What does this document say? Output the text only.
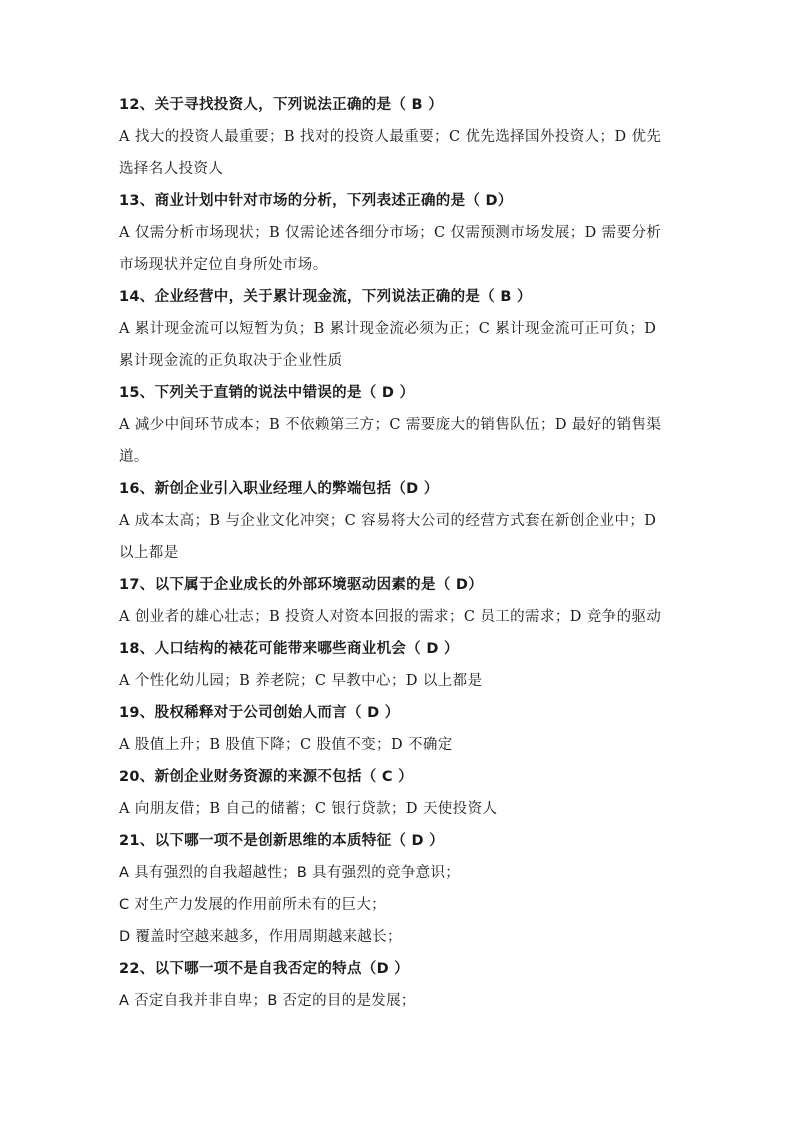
12、关于寻找投资人，下列说法正确的是（ B ）
A 找大的投资人最重要；B 找对的投资人最重要；C 优先选择国外投资人；D 优先
选择名人投资人
13、商业计划中针对市场的分析，下列表述正确的是（ D）
A 仅需分析市场现状；B 仅需论述各细分市场；C 仅需预测市场发展；D 需要分析
市场现状并定位自身所处市场。
14、企业经营中，关于累计现金流，下列说法正确的是（ B ）
A 累计现金流可以短暂为负；B 累计现金流必须为正；C 累计现金流可正可负；D
累计现金流的正负取决于企业性质
15、下列关于直销的说法中错误的是（ D ）
A 减少中间环节成本；B 不依赖第三方；C 需要庞大的销售队伍；D 最好的销售渠
道。
16、新创企业引入职业经理人的弊端包括（D ）
A 成本太高；B 与企业文化冲突；C 容易将大公司的经营方式套在新创企业中；D
以上都是
17、以下属于企业成长的外部环境驱动因素的是（ D）
A 创业者的雄心壮志；B 投资人对资本回报的需求；C 员工的需求；D 竞争的驱动
18、人口结构的裱花可能带来哪些商业机会（ D ）
A 个性化幼儿园；B 养老院；C 早教中心；D 以上都是
19、股权稀释对于公司创始人而言（ D ）
A 股值上升；B 股值下降；C 股值不变；D 不确定
20、新创企业财务资源的来源不包括（ C ）
A 向朋友借；B 自己的储蓄；C 银行贷款；D 天使投资人
21、以下哪一项不是创新思维的本质特征（ D ）
A 具有强烈的自我超越性；B 具有强烈的竞争意识；
C 对生产力发展的作用前所未有的巨大；
D 覆盖时空越来越多，作用周期越来越长；
22、以下哪一项不是自我否定的特点（D ）
A 否定自我并非自卑；B 否定的目的是发展；
